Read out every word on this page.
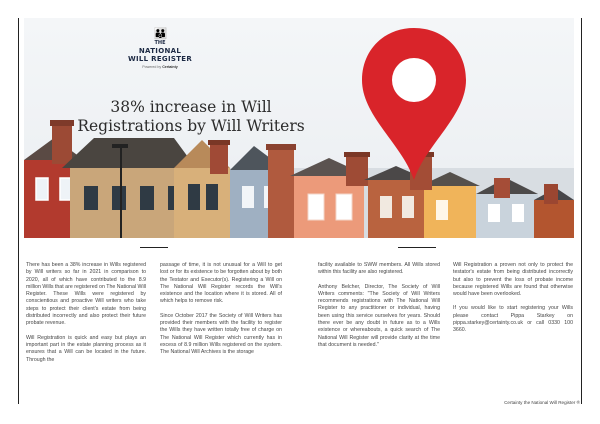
👪
THE
NATIONAL
WILL REGISTER
Powered by Certainty
38% increase in Will
Registrations by Will Writers

There has been a 38% increase in Wills registered by Will writers so far in 2021 in comparison to 2020, all of which have contributed to the 8.9 million Wills that are registered on The National Will Register. These Wills were registered by conscientious and proactive Will writers who take steps to protect their client's estate from being distributed incorrectly and also protect their future probate revenue.

Will Registration is quick and easy but plays an important part in the estate planning process as it ensures that a Will can be located in the future. Through the

passage of time, it is not unusual for a Will to get lost or for its existence to be forgotten about by both the Testator and Executor(s). Registering a Will on The National Will Register records the Will's existence and the location where it is stored. All of which helps to remove risk.

Since October 2017 the Society of Will Writers has provided their members with the facility to register the Wills they have written totally free of charge on The National Will Register which currently has in excess of 8.9 million Wills registered on the system. The National Will Archives is the storage

facility available to SWW members. All Wills stored within this facility are also registered.

Anthony Belcher, Director, The Society of Will Writers comments: "The Society of Will Writers recommends registrations with The National Will Register to any practitioner or individual, having been using this service ourselves for years. Should there ever be any doubt in future as to a Wills existence or whereabouts, a quick search of The National Will Register will provide clarity at the time that document is needed."

Will Registration a proven not only to protect the testator's estate from being distributed incorrectly but also to prevent the loss of probate income because registered Wills are found that otherwise would have been overlooked.

If you would like to start registering your Wills please contact Pippa Starkey on pippa.starkey@certainty.co.uk or call 0330 100 3660.

Certainty the National Will Register ®
